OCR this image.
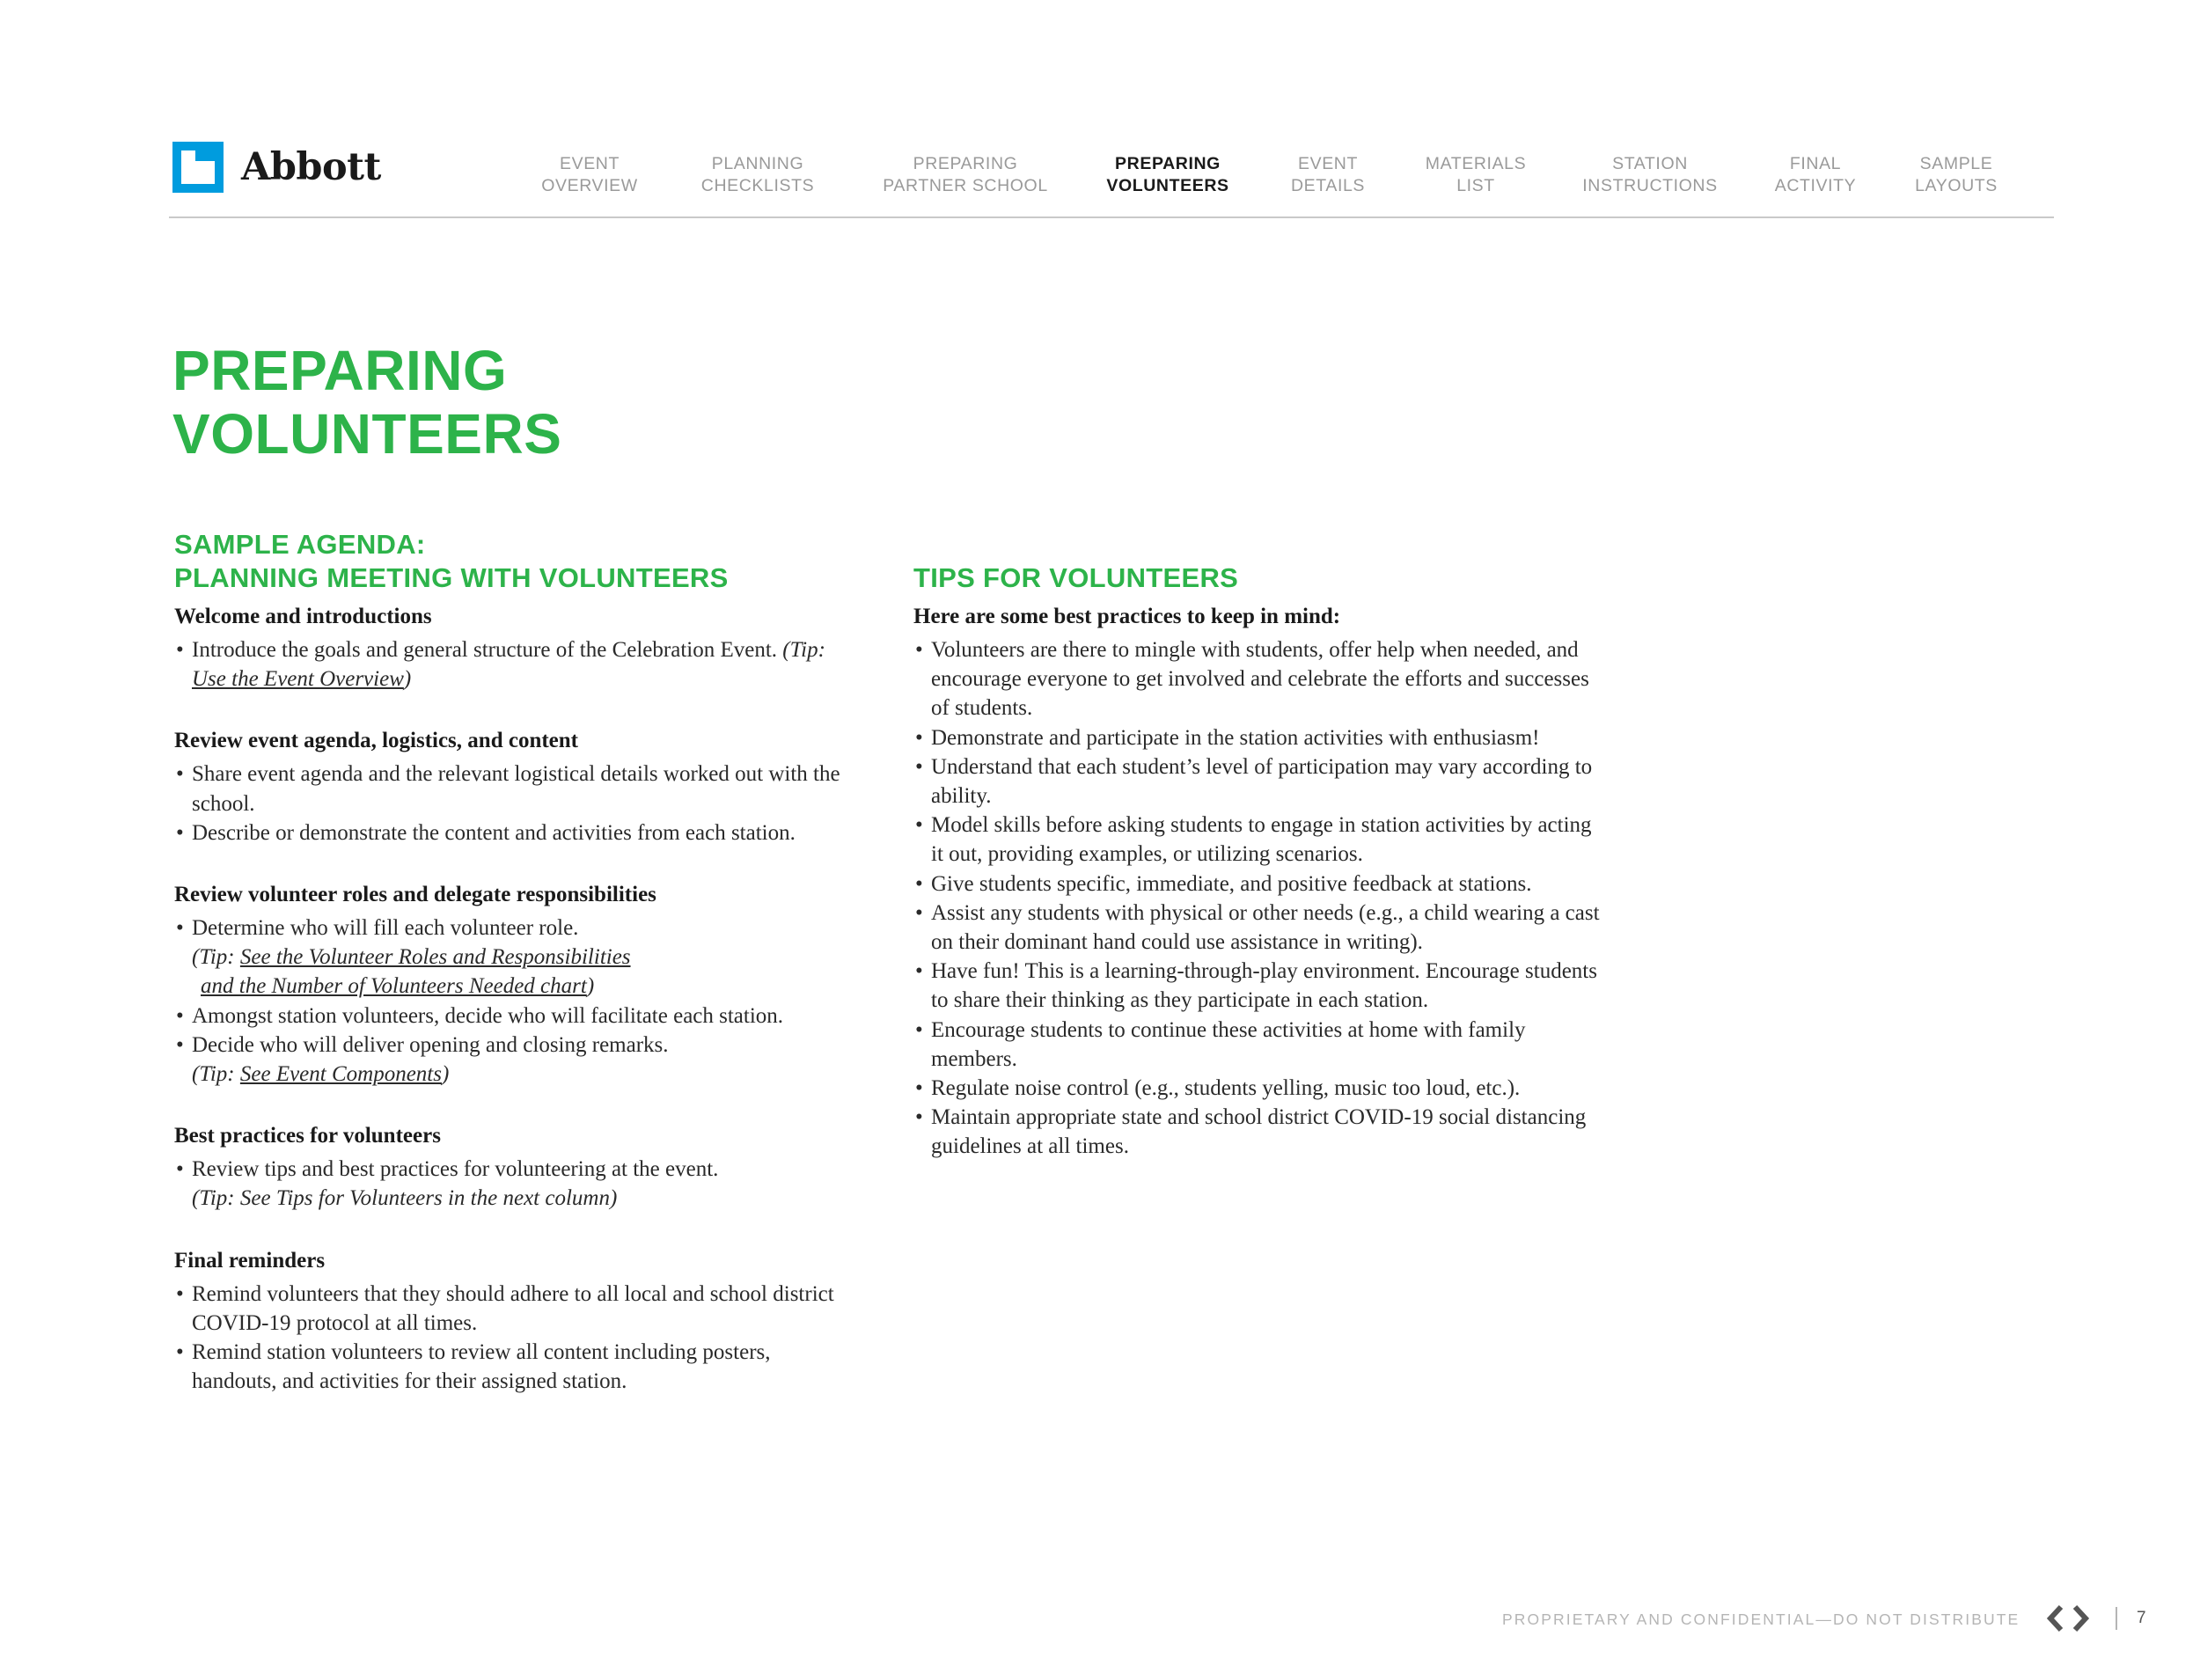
Abbott	EVENT
OVERVIEW
PLANNING
CHECKLISTS
PREPARING
PARTNER SCHOOL
PREPARING
VOLUNTEERS
EVENT
DETAILS
MATERIALS
LIST
STATION
INSTRUCTIONS
FINAL
ACTIVITY
SAMPLE
LAYOUTS
PREPARING
VOLUNTEERS
SAMPLE AGENDA:
PLANNING MEETING WITH VOLUNTEERS
Welcome and introductions
• Introduce the goals and general structure of the Celebration Event. (Tip: Use the Event Overview)
Review event agenda, logistics, and content
• Share event agenda and the relevant logistical details worked out with the school.
• Describe or demonstrate the content and activities from each station.
Review volunteer roles and delegate responsibilities
• Determine who will fill each volunteer role.
(Tip: See the Volunteer Roles and Responsibilities
and the Number of Volunteers Needed chart)
• Amongst station volunteers, decide who will facilitate each station.
• Decide who will deliver opening and closing remarks.
(Tip: See Event Components)
Best practices for volunteers
• Review tips and best practices for volunteering at the event.
(Tip: See Tips for Volunteers in the next column)
Final reminders
• Remind volunteers that they should adhere to all local and school district COVID-19 protocol at all times.
• Remind station volunteers to review all content including posters, handouts, and activities for their assigned station.
TIPS FOR VOLUNTEERS
Here are some best practices to keep in mind:
• Volunteers are there to mingle with students, offer help when needed, and encourage everyone to get involved and celebrate the efforts and successes of students.
• Demonstrate and participate in the station activities with enthusiasm!
• Understand that each student’s level of participation may vary according to ability.
• Model skills before asking students to engage in station activities by acting it out, providing examples, or utilizing scenarios.
• Give students specific, immediate, and positive feedback at stations.
• Assist any students with physical or other needs (e.g., a child wearing a cast on their dominant hand could use assistance in writing).
• Have fun! This is a learning-through-play environment. Encourage students to share their thinking as they participate in each station.
• Encourage students to continue these activities at home with family members.
• Regulate noise control (e.g., students yelling, music too loud, etc.).
• Maintain appropriate state and school district COVID-19 social distancing guidelines at all times.
PROPRIETARY AND CONFIDENTIAL—DO NOT DISTRIBUTE	7
